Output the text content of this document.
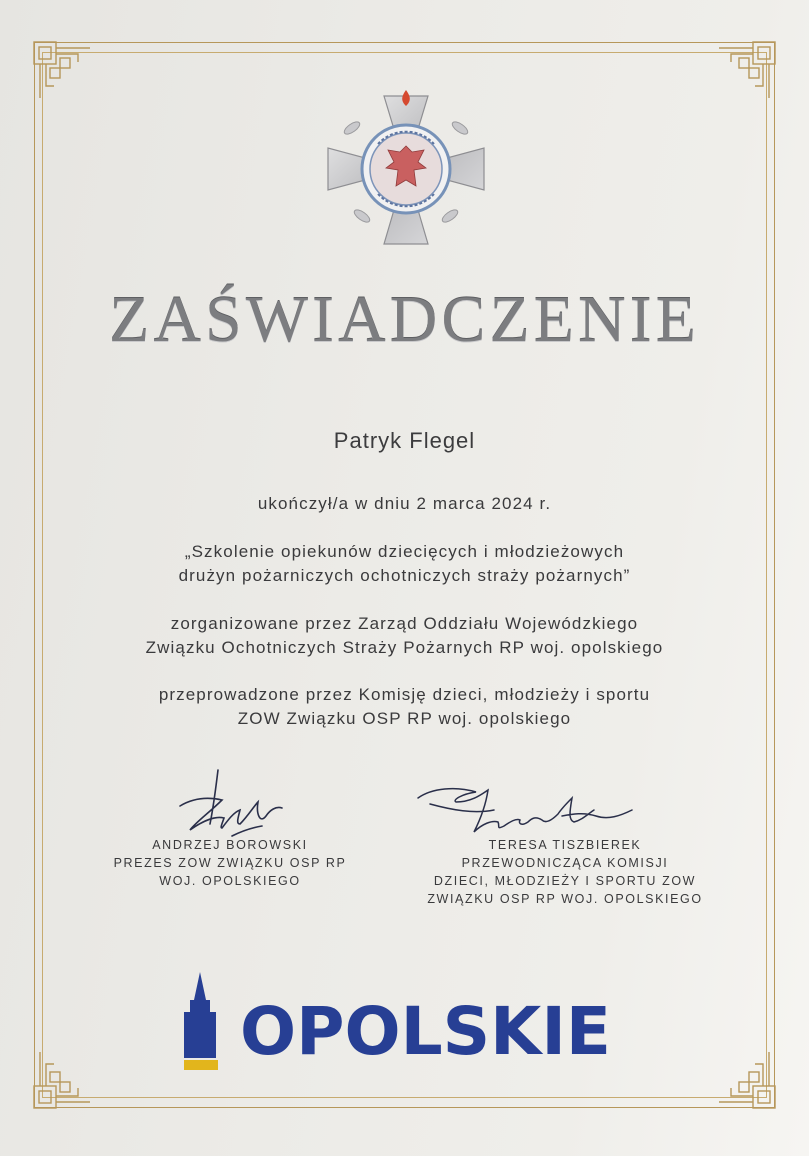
ZAŚWIADCZENIE
Patryk Flegel
ukończył/a w dniu 2 marca 2024 r.
„Szkolenie opiekunów dziecięcych i młodzieżowych
drużyn pożarniczych ochotniczych straży pożarnych”
zorganizowane przez Zarząd Oddziału Wojewódzkiego
Związku Ochotniczych Straży Pożarnych RP woj. opolskiego
przeprowadzone przez Komisję dzieci, młodzieży i sportu
ZOW Związku OSP RP woj. opolskiego
ANDRZEJ BOROWSKI
PREZES ZOW ZWIĄZKU OSP RP
WOJ. OPOLSKIEGO
TERESA TISZBIEREK
PRZEWODNICZĄCA KOMISJI
DZIECI, MŁODZIEŻY I SPORTU ZOW
ZWIĄZKU OSP RP WOJ. OPOLSKIEGO
OPOLSKIE
